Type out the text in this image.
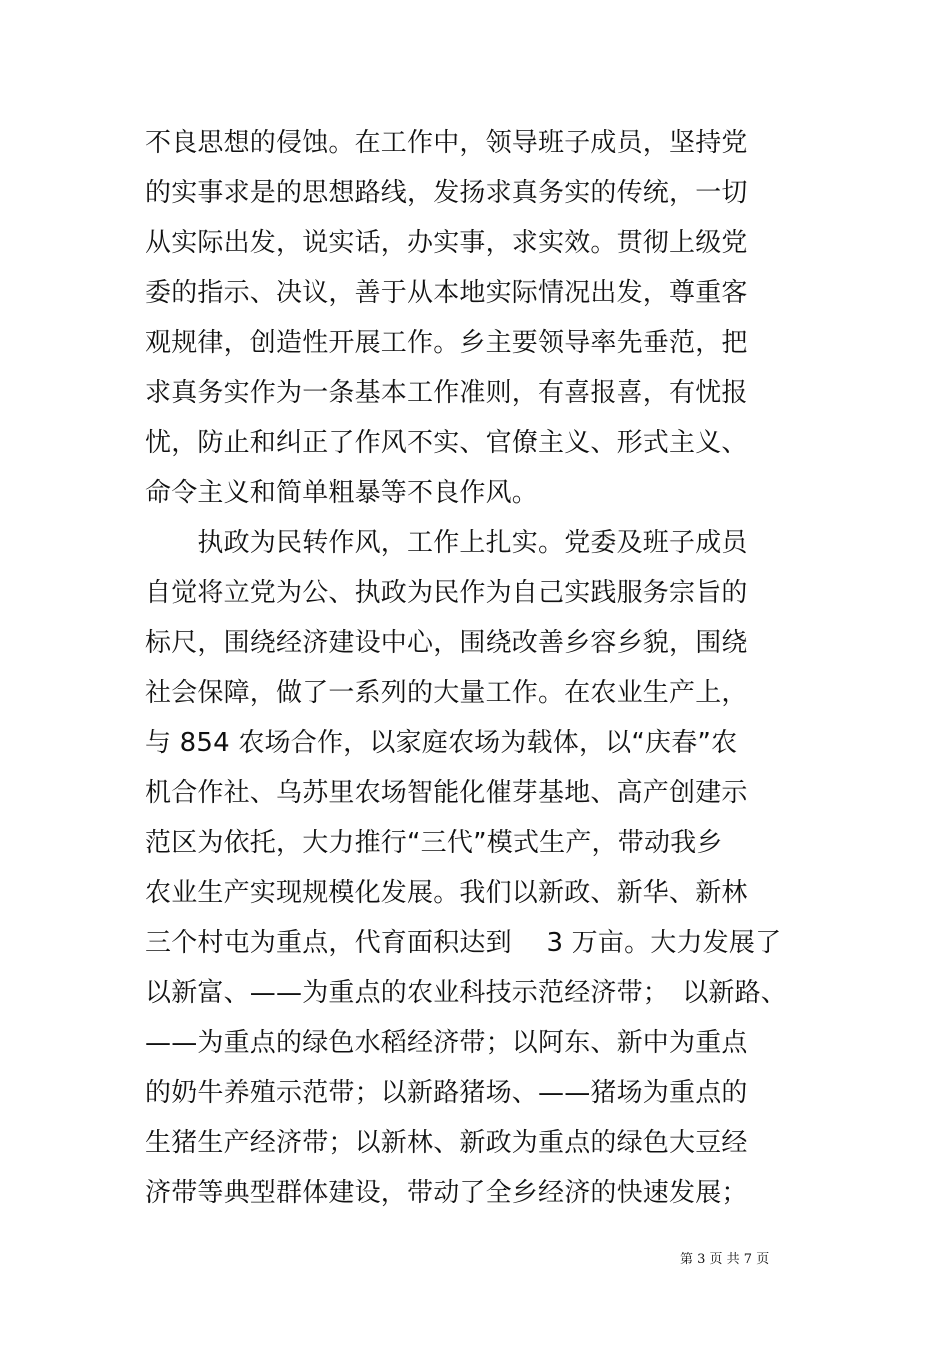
不良思想的侵蚀。在工作中，领导班子成员，坚持党
的实事求是的思想路线，发扬求真务实的传统，一切
从实际出发，说实话，办实事，求实效。贯彻上级党
委的指示、决议，善于从本地实际情况出发，尊重客
观规律，创造性开展工作。乡主要领导率先垂范，把
求真务实作为一条基本工作准则，有喜报喜，有忧报
忧，防止和纠正了作风不实、官僚主义、形式主义、
命令主义和简单粗暴等不良作风。
　　执政为民转作风，工作上扎实。党委及班子成员
自觉将立党为公、执政为民作为自己实践服务宗旨的
标尺，围绕经济建设中心，围绕改善乡容乡貌，围绕
社会保障，做了一系列的大量工作。在农业生产上，
与 854 农场合作，以家庭农场为载体，以“庆春”农
机合作社、乌苏里农场智能化催芽基地、高产创建示
范区为依托，大力推行“三代”模式生产，带动我乡
农业生产实现规模化发展。我们以新政、新华、新林
三个村屯为重点，代育面积达到　 3 万亩。大力发展了
以新富、——为重点的农业科技示范经济带；　以新路、
——为重点的绿色水稻经济带；以阿东、新中为重点
的奶牛养殖示范带；以新路猪场、——猪场为重点的
生猪生产经济带；以新林、新政为重点的绿色大豆经
济带等典型群体建设，带动了全乡经济的快速发展；
第 3 页 共 7 页
